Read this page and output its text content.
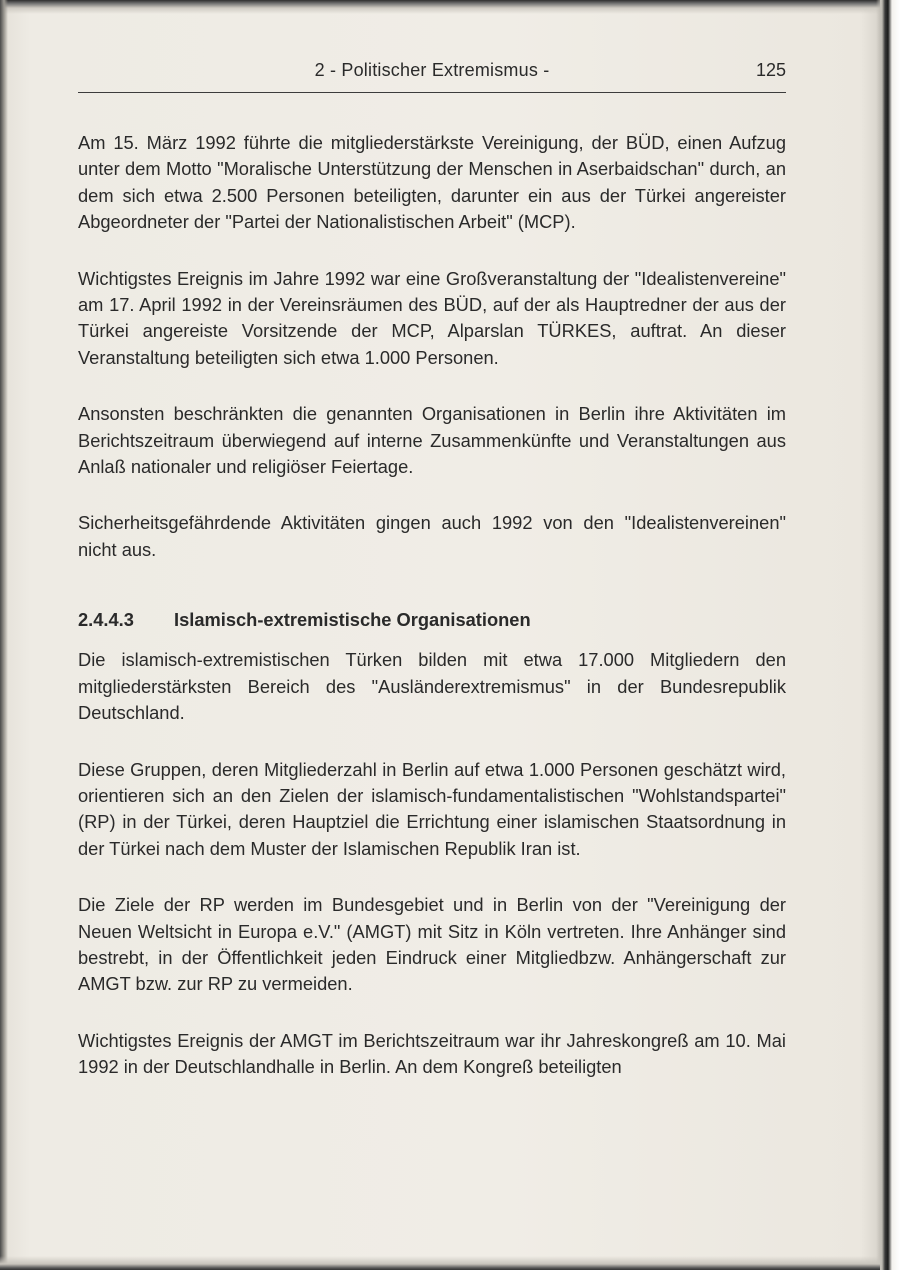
2 - Politischer Extremismus -	125

Am 15. März 1992 führte die mitgliederstärkste Vereinigung, der BÜD, einen Aufzug unter dem Motto "Moralische Unterstützung der Menschen in Aserbaidschan" durch, an dem sich etwa 2.500 Personen beteiligten, darunter ein aus der Türkei angereister Abgeordneter der "Partei der Nationalistischen Arbeit" (MCP).

Wichtigstes Ereignis im Jahre 1992 war eine Großveranstaltung der "Idealistenvereine" am 17. April 1992 in der Vereinsräumen des BÜD, auf der als Hauptredner der aus der Türkei angereiste Vorsitzende der MCP, Alparslan TÜRKES, auftrat. An dieser Veranstaltung beteiligten sich etwa 1.000 Personen.

Ansonsten beschränkten die genannten Organisationen in Berlin ihre Aktivitäten im Berichtszeitraum überwiegend auf interne Zusammenkünfte und Veranstaltungen aus Anlaß nationaler und religiöser Feiertage.

Sicherheitsgefährdende Aktivitäten gingen auch 1992 von den "Idealistenvereinen" nicht aus.

2.4.4.3	Islamisch-extremistische Organisationen

Die islamisch-extremistischen Türken bilden mit etwa 17.000 Mitgliedern den mitgliederstärksten Bereich des "Ausländerextremismus" in der Bundesrepublik Deutschland.

Diese Gruppen, deren Mitgliederzahl in Berlin auf etwa 1.000 Personen geschätzt wird, orientieren sich an den Zielen der islamisch-fundamentalistischen "Wohlstandspartei" (RP) in der Türkei, deren Hauptziel die Errichtung einer islamischen Staatsordnung in der Türkei nach dem Muster der Islamischen Republik Iran ist.

Die Ziele der RP werden im Bundesgebiet und in Berlin von der "Vereinigung der Neuen Weltsicht in Europa e.V." (AMGT) mit Sitz in Köln vertreten. Ihre Anhänger sind bestrebt, in der Öffentlichkeit jeden Eindruck einer Mitgliedbzw. Anhängerschaft zur AMGT bzw. zur RP zu vermeiden.

Wichtigstes Ereignis der AMGT im Berichtszeitraum war ihr Jahreskongreß am 10. Mai 1992 in der Deutschlandhalle in Berlin. An dem Kongreß beteiligten
